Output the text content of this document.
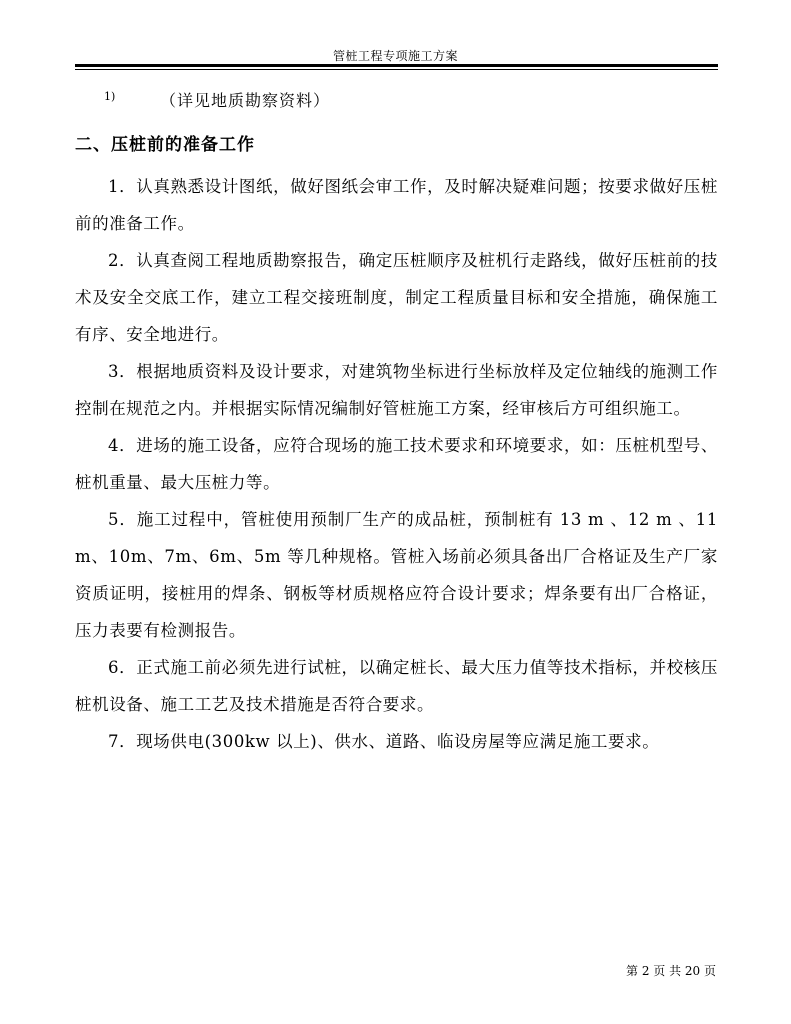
管桩工程专项施工方案
1)	（详见地质勘察资料）
二、压桩前的准备工作

1．认真熟悉设计图纸，做好图纸会审工作，及时解决疑难问题；按要求做好压桩前的准备工作。

2．认真查阅工程地质勘察报告，确定压桩顺序及桩机行走路线，做好压桩前的技术及安全交底工作，建立工程交接班制度，制定工程质量目标和安全措施，确保施工有序、安全地进行。

3．根据地质资料及设计要求，对建筑物坐标进行坐标放样及定位轴线的施测工作控制在规范之内。并根据实际情况编制好管桩施工方案，经审核后方可组织施工。

4．进场的施工设备，应符合现场的施工技术要求和环境要求，如：压桩机型号、桩机重量、最大压桩力等。

5．施工过程中，管桩使用预制厂生产的成品桩，预制桩有 13 m 、12 m 、11m、10m、7m、6m、5m 等几种规格。管桩入场前必须具备出厂合格证及生产厂家资质证明，接桩用的焊条、钢板等材质规格应符合设计要求；焊条要有出厂合格证，压力表要有检测报告。

6．正式施工前必须先进行试桩，以确定桩长、最大压力值等技术指标，并校核压桩机设备、施工工艺及技术措施是否符合要求。

7．现场供电(300kw 以上)、供水、道路、临设房屋等应满足施工要求。

第 2 页 共 20 页
